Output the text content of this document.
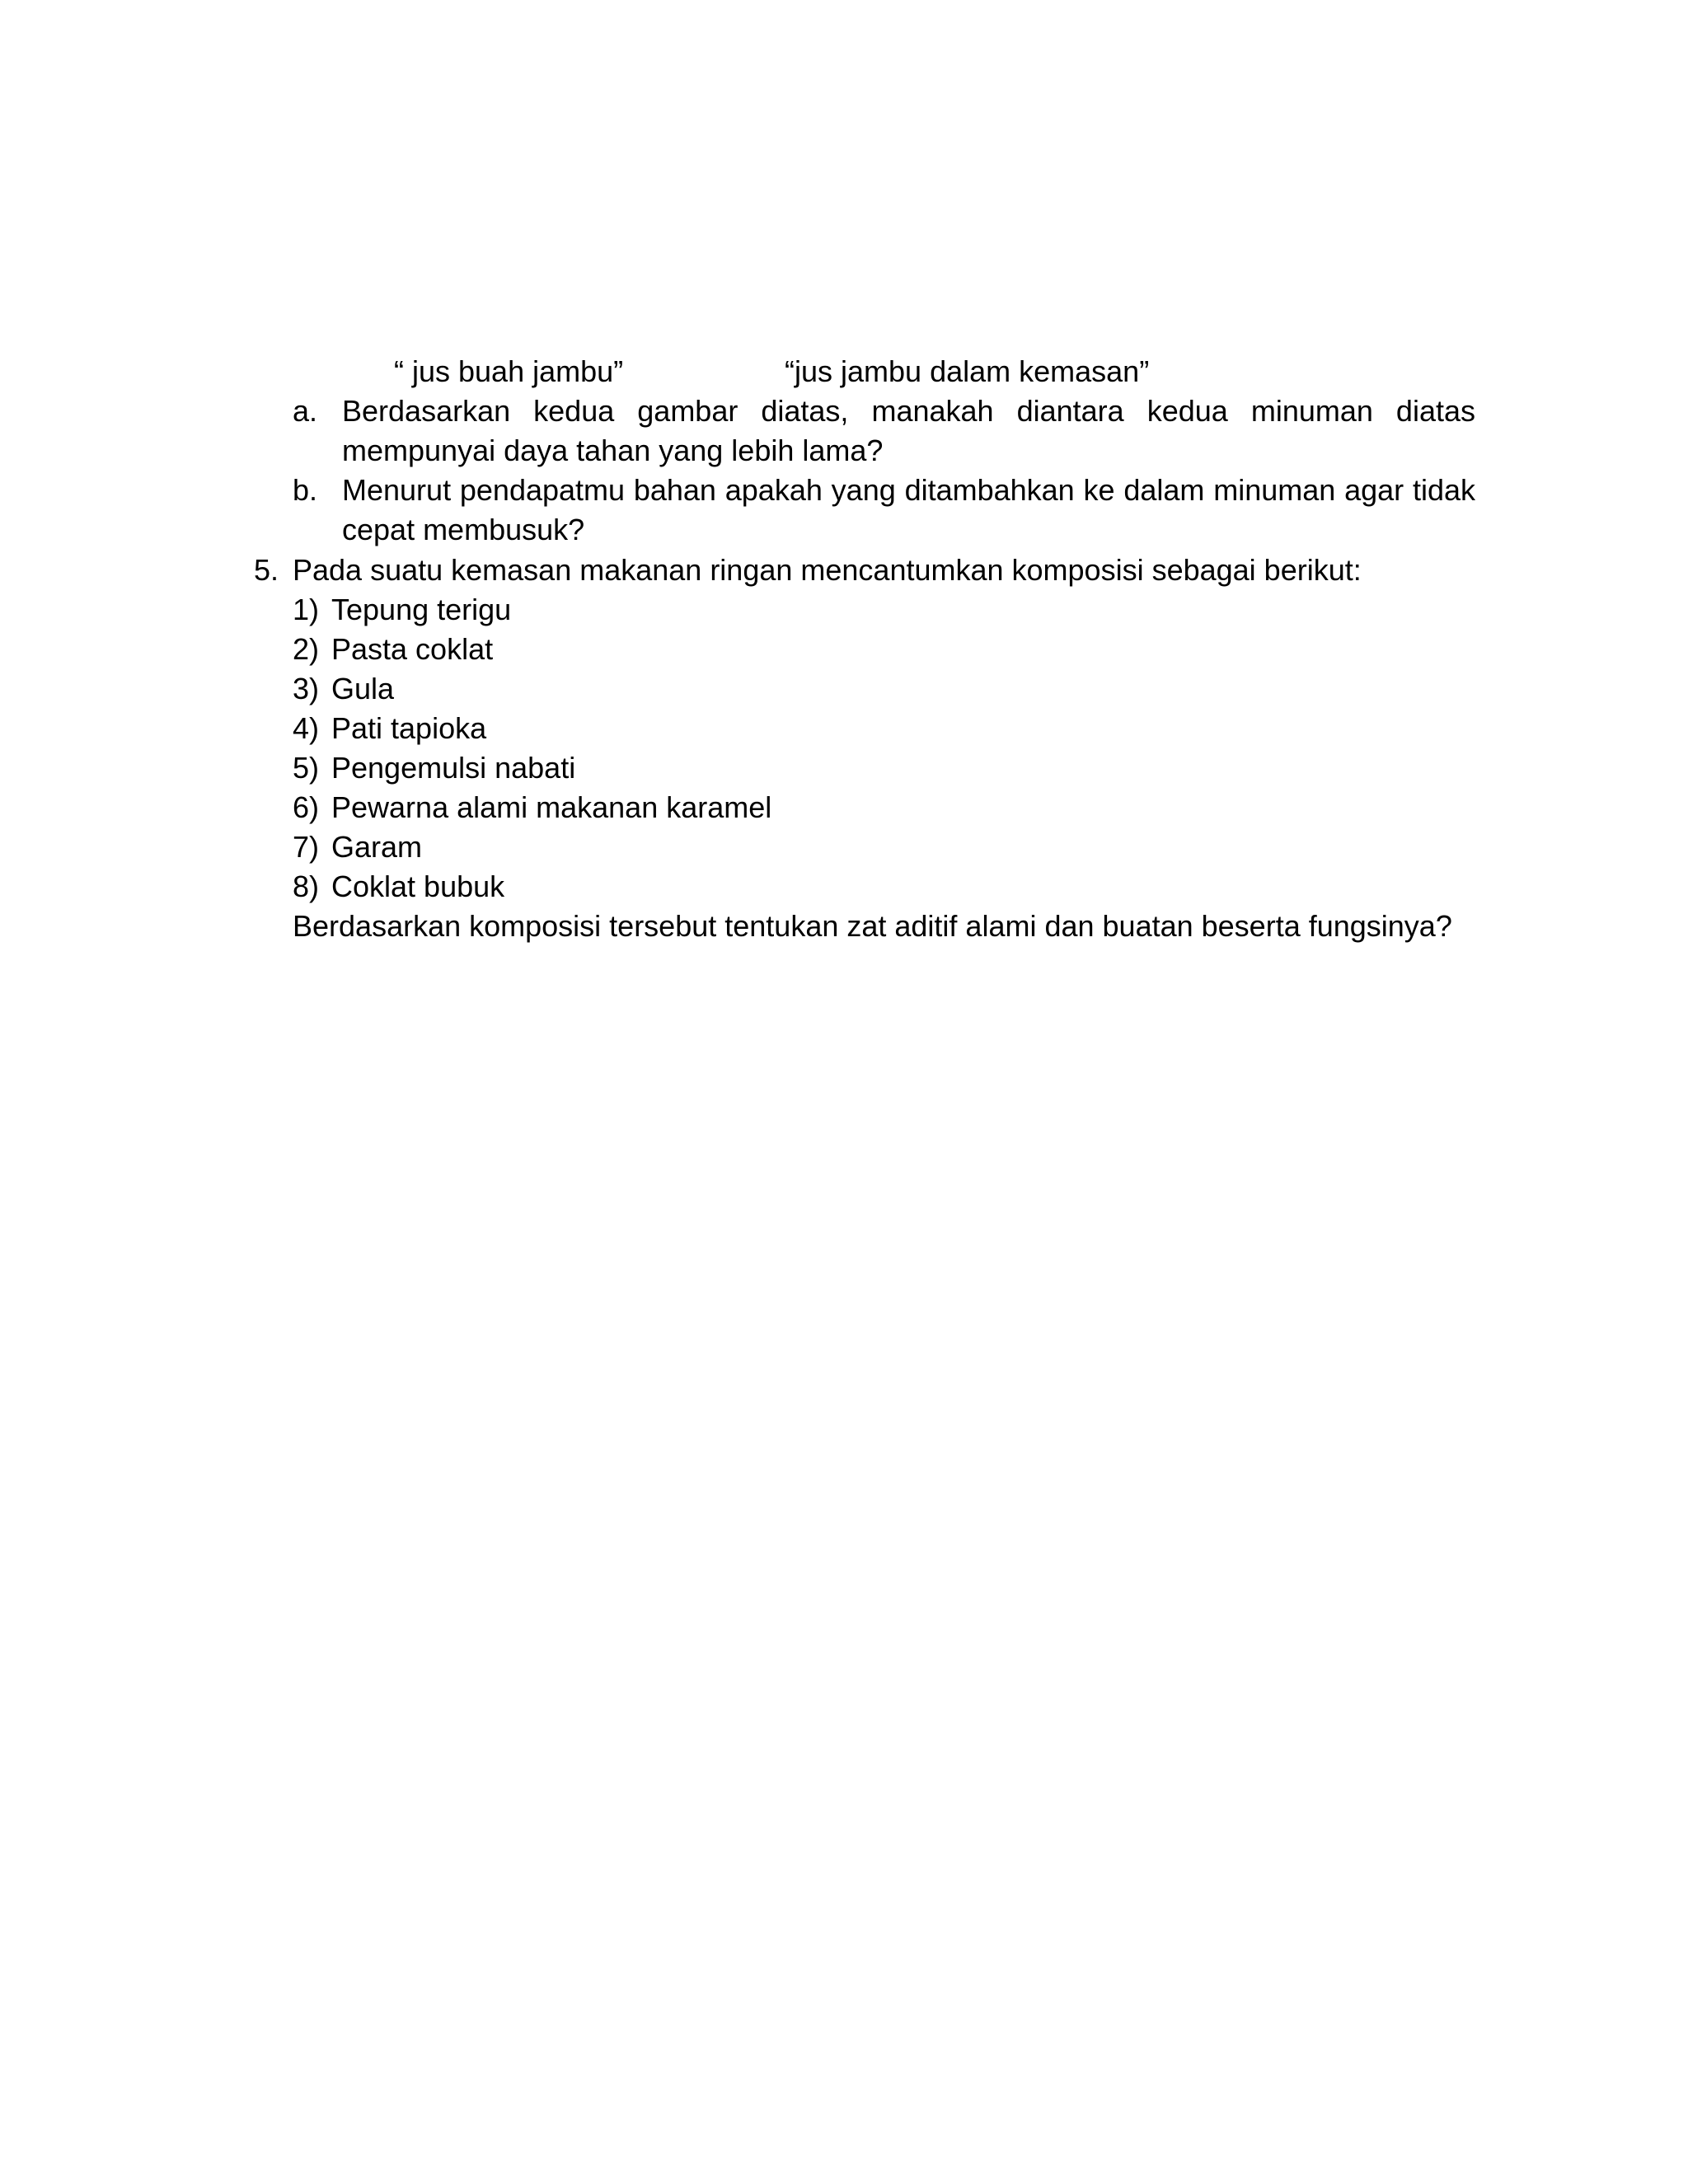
“ jus buah jambu”	“jus jambu dalam kemasan”
a. Berdasarkan kedua gambar diatas, manakah diantara kedua minuman diatas mempunyai daya tahan yang lebih lama?
b. Menurut pendapatmu bahan apakah yang ditambahkan ke dalam minuman agar tidak cepat membusuk?
5. Pada suatu kemasan makanan ringan mencantumkan komposisi sebagai berikut:
1) Tepung terigu
2) Pasta coklat
3) Gula
4) Pati tapioka
5) Pengemulsi nabati
6) Pewarna alami makanan karamel
7) Garam
8) Coklat bubuk
Berdasarkan komposisi tersebut tentukan zat aditif alami dan buatan beserta fungsinya?
